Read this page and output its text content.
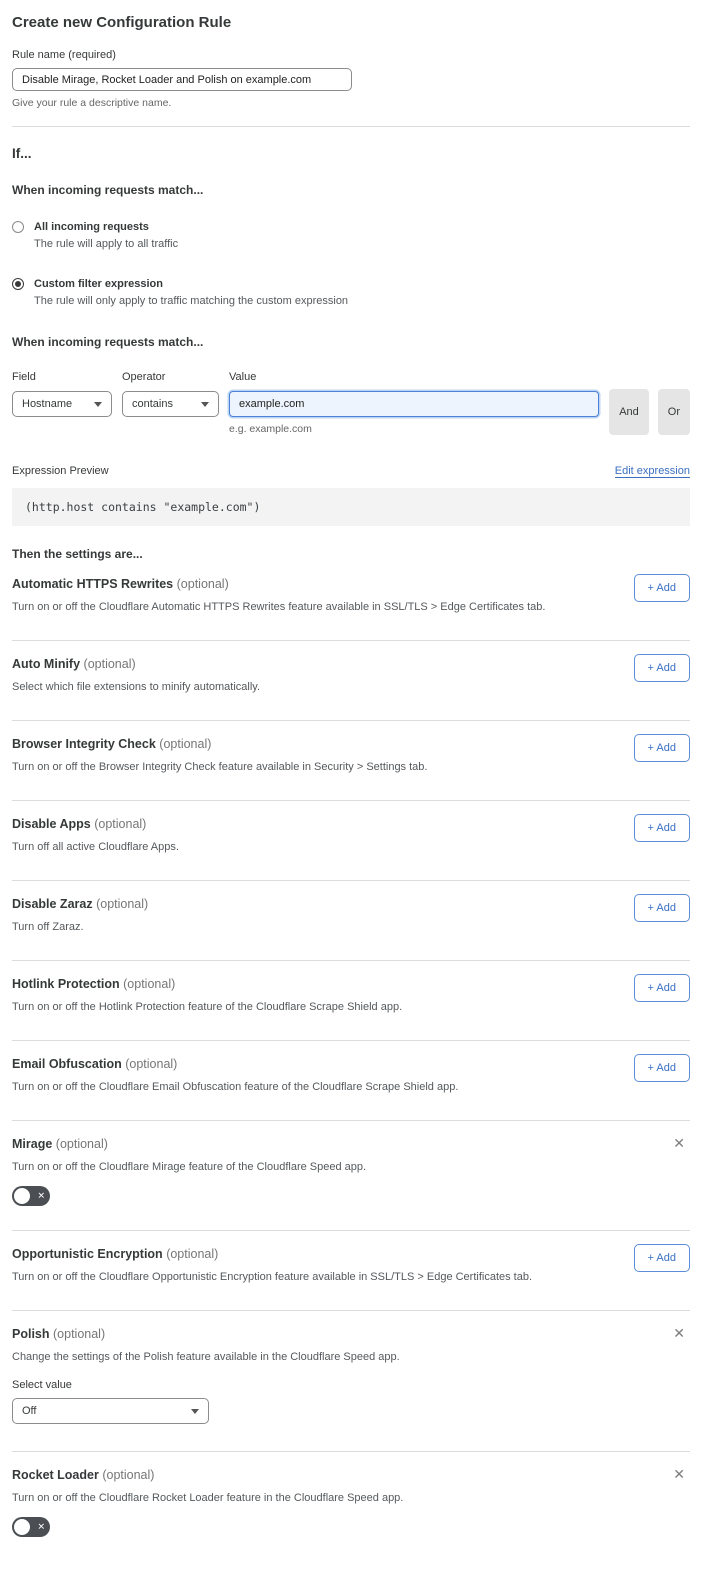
Create new Configuration Rule
Rule name (required)
Disable Mirage, Rocket Loader and Polish on example.com
Give your rule a descriptive name.
If...
When incoming requests match...
All incoming requests
The rule will apply to all traffic
Custom filter expression
The rule will only apply to traffic matching the custom expression
When incoming requests match...
Field
Hostname
Operator
contains
Value
example.com
e.g. example.com
And	Or
Expression Preview	Edit expression
(http.host contains "example.com")
Then the settings are...
Automatic HTTPS Rewrites (optional)
Turn on or off the Cloudflare Automatic HTTPS Rewrites feature available in SSL/TLS > Edge Certificates tab.
+ Add
Auto Minify (optional)
Select which file extensions to minify automatically.
+ Add
Browser Integrity Check (optional)
Turn on or off the Browser Integrity Check feature available in Security > Settings tab.
+ Add
Disable Apps (optional)
Turn off all active Cloudflare Apps.
+ Add
Disable Zaraz (optional)
Turn off Zaraz.
+ Add
Hotlink Protection (optional)
Turn on or off the Hotlink Protection feature of the Cloudflare Scrape Shield app.
+ Add
Email Obfuscation (optional)
Turn on or off the Cloudflare Email Obfuscation feature of the Cloudflare Scrape Shield app.
+ Add
Mirage (optional)
Turn on or off the Cloudflare Mirage feature of the Cloudflare Speed app.
✕
✕
Opportunistic Encryption (optional)
Turn on or off the Cloudflare Opportunistic Encryption feature available in SSL/TLS > Edge Certificates tab.
+ Add
Polish (optional)
Change the settings of the Polish feature available in the Cloudflare Speed app.
Select value
Off
✕
Rocket Loader (optional)
Turn on or off the Cloudflare Rocket Loader feature in the Cloudflare Speed app.
✕
✕
